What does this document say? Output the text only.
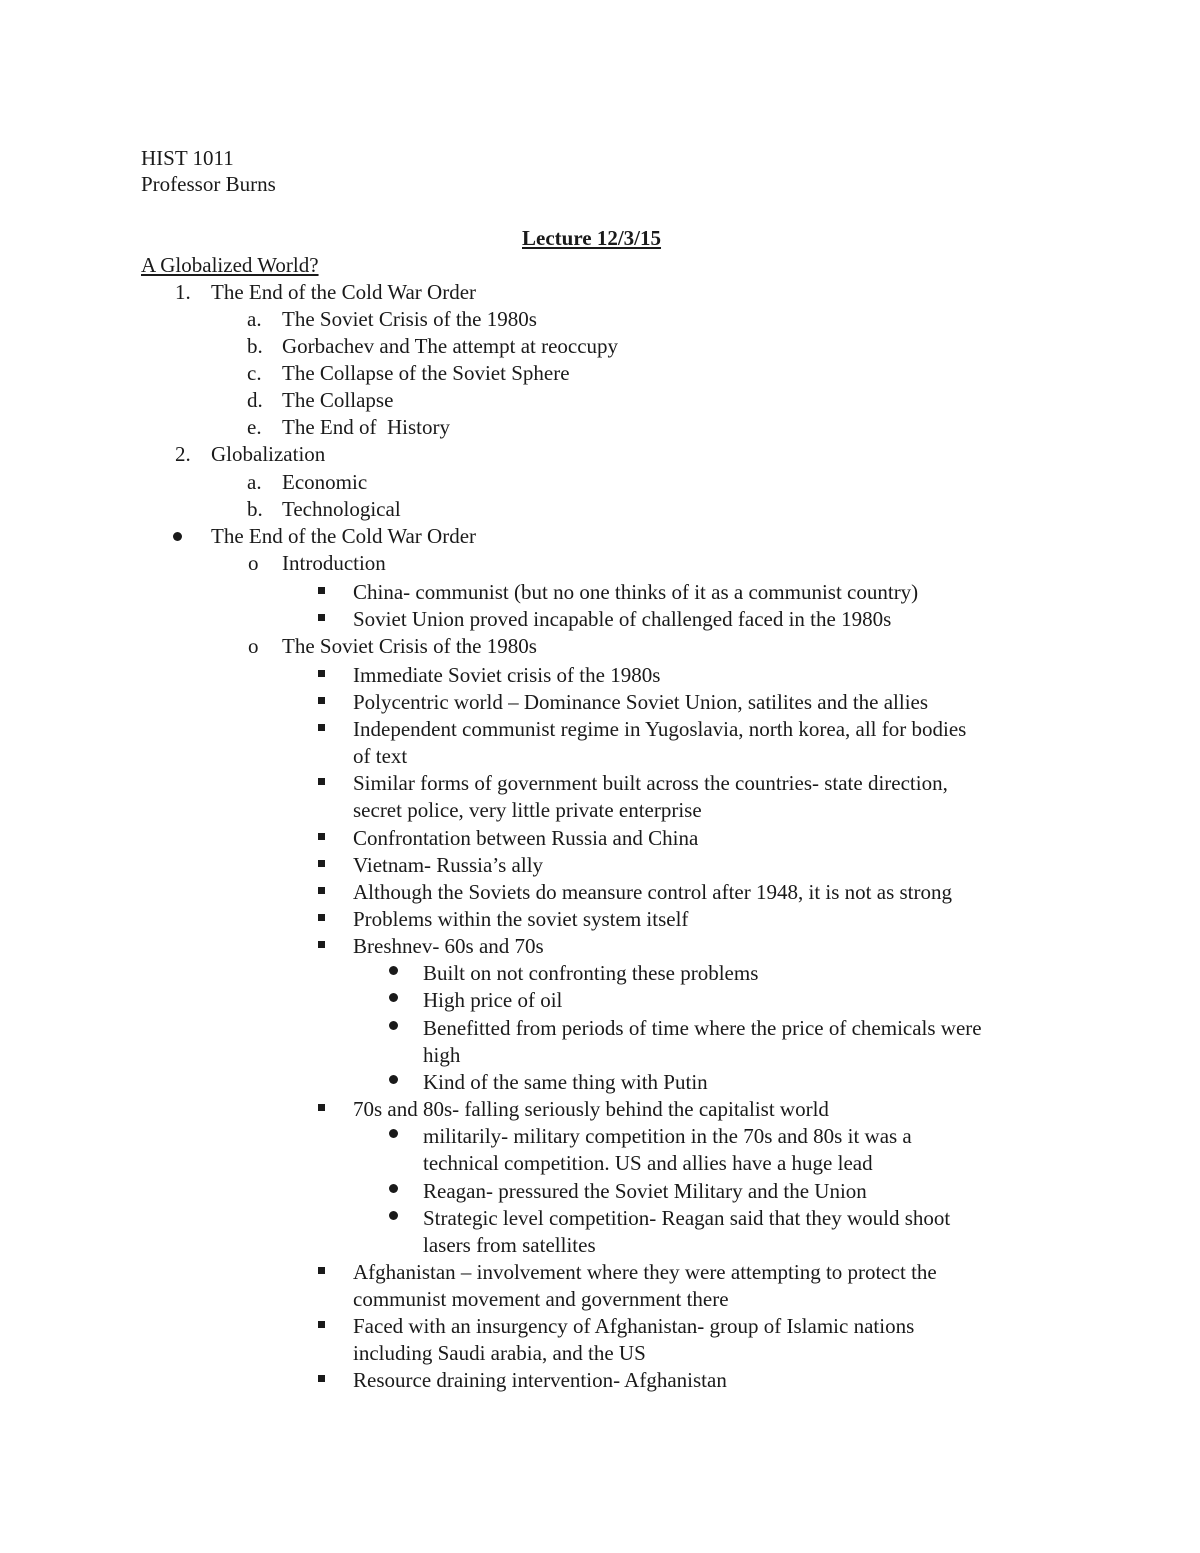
HIST 1011
Professor Burns
Lecture 12/3/15
A Globalized World?
1. The End of the Cold War Order
a. The Soviet Crisis of the 1980s
b. Gorbachev and The attempt at reoccupy
c. The Collapse of the Soviet Sphere
d. The Collapse
e. The End of  History
2. Globalization
a. Economic
b. Technological
The End of the Cold War Order
o Introduction
China- communist (but no one thinks of it as a communist country)
Soviet Union proved incapable of challenged faced in the 1980s
o The Soviet Crisis of the 1980s
Immediate Soviet crisis of the 1980s
Polycentric world – Dominance Soviet Union, satilites and the allies
Independent communist regime in Yugoslavia, north korea, all for bodies
of text
Similar forms of government built across the countries- state direction,
secret police, very little private enterprise
Confrontation between Russia and China
Vietnam- Russia’s ally
Although the Soviets do meansure control after 1948, it is not as strong
Problems within the soviet system itself
Breshnev- 60s and 70s
Built on not confronting these problems
High price of oil
Benefitted from periods of time where the price of chemicals were
high
Kind of the same thing with Putin
70s and 80s- falling seriously behind the capitalist world
militarily- military competition in the 70s and 80s it was a
technical competition. US and allies have a huge lead
Reagan- pressured the Soviet Military and the Union
Strategic level competition- Reagan said that they would shoot
lasers from satellites
Afghanistan – involvement where they were attempting to protect the
communist movement and government there
Faced with an insurgency of Afghanistan- group of Islamic nations
including Saudi arabia, and the US
Resource draining intervention- Afghanistan
